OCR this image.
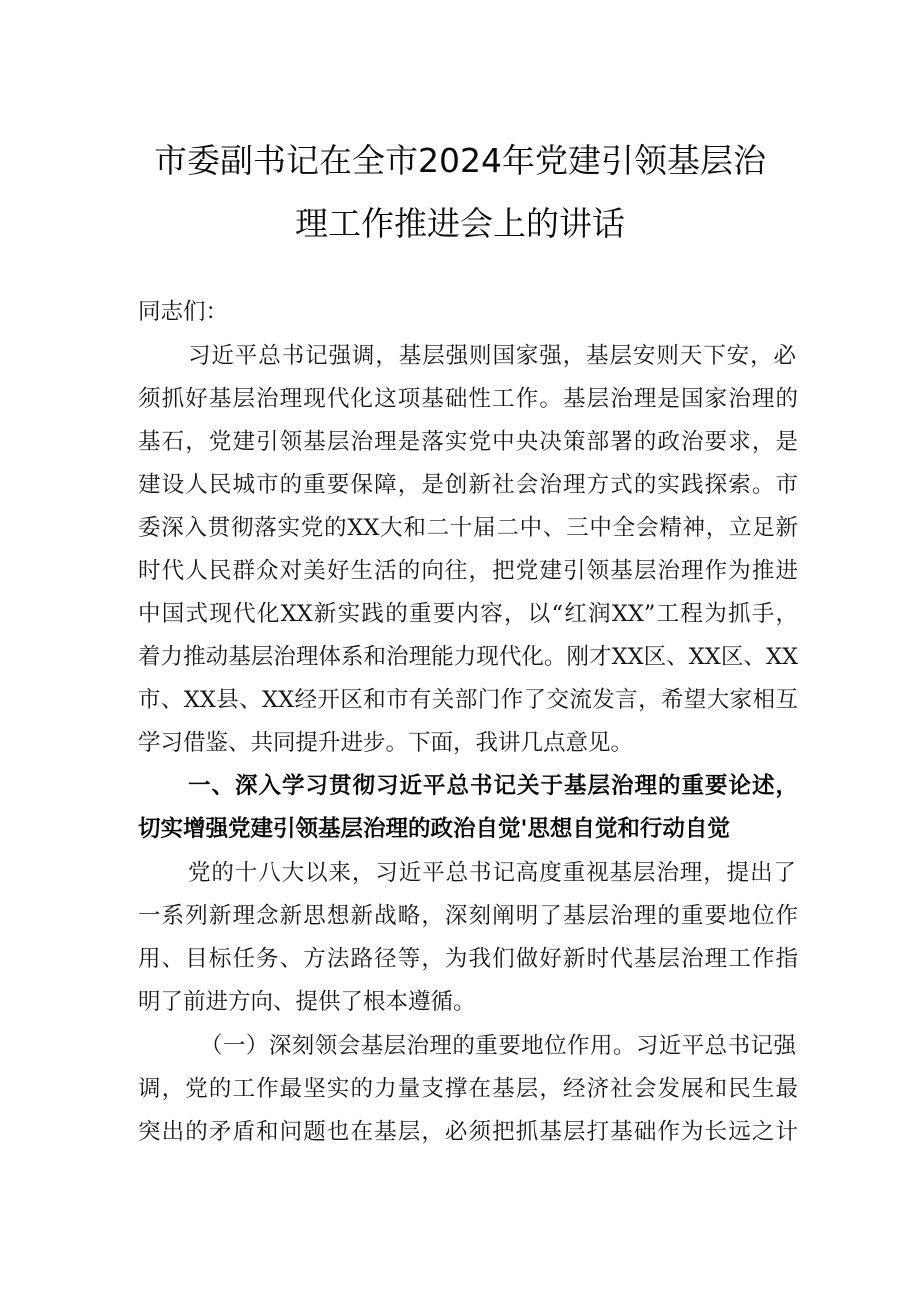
市委副书记在全市2024年党建引领基层治
理工作推进会上的讲话
同志们：
习近平总书记强调，基层强则国家强，基层安则天下安，必
须抓好基层治理现代化这项基础性工作。基层治理是国家治理的
基石，党建引领基层治理是落实党中央决策部署的政治要求，是
建设人民城市的重要保障，是创新社会治理方式的实践探索。市
委深入贯彻落实党的XX大和二十届二中、三中全会精神，立足新
时代人民群众对美好生活的向往，把党建引领基层治理作为推进
中国式现代化XX新实践的重要内容，以“红润XX”工程为抓手，
着力推动基层治理体系和治理能力现代化。刚才XX区、XX区、XX
市、XX县、XX经开区和市有关部门作了交流发言，希望大家相互
学习借鉴、共同提升进步。下面，我讲几点意见。
一、深入学习贯彻习近平总书记关于基层治理的重要论述，
切实增强党建引领基层治理的政治自觉'思想自觉和行动自觉
党的十八大以来，习近平总书记高度重视基层治理，提出了
一系列新理念新思想新战略，深刻阐明了基层治理的重要地位作
用、目标任务、方法路径等，为我们做好新时代基层治理工作指
明了前进方向、提供了根本遵循。
（一）深刻领会基层治理的重要地位作用。习近平总书记强
调，党的工作最坚实的力量支撑在基层，经济社会发展和民生最
突出的矛盾和问题也在基层，必须把抓基层打基础作为长远之计
